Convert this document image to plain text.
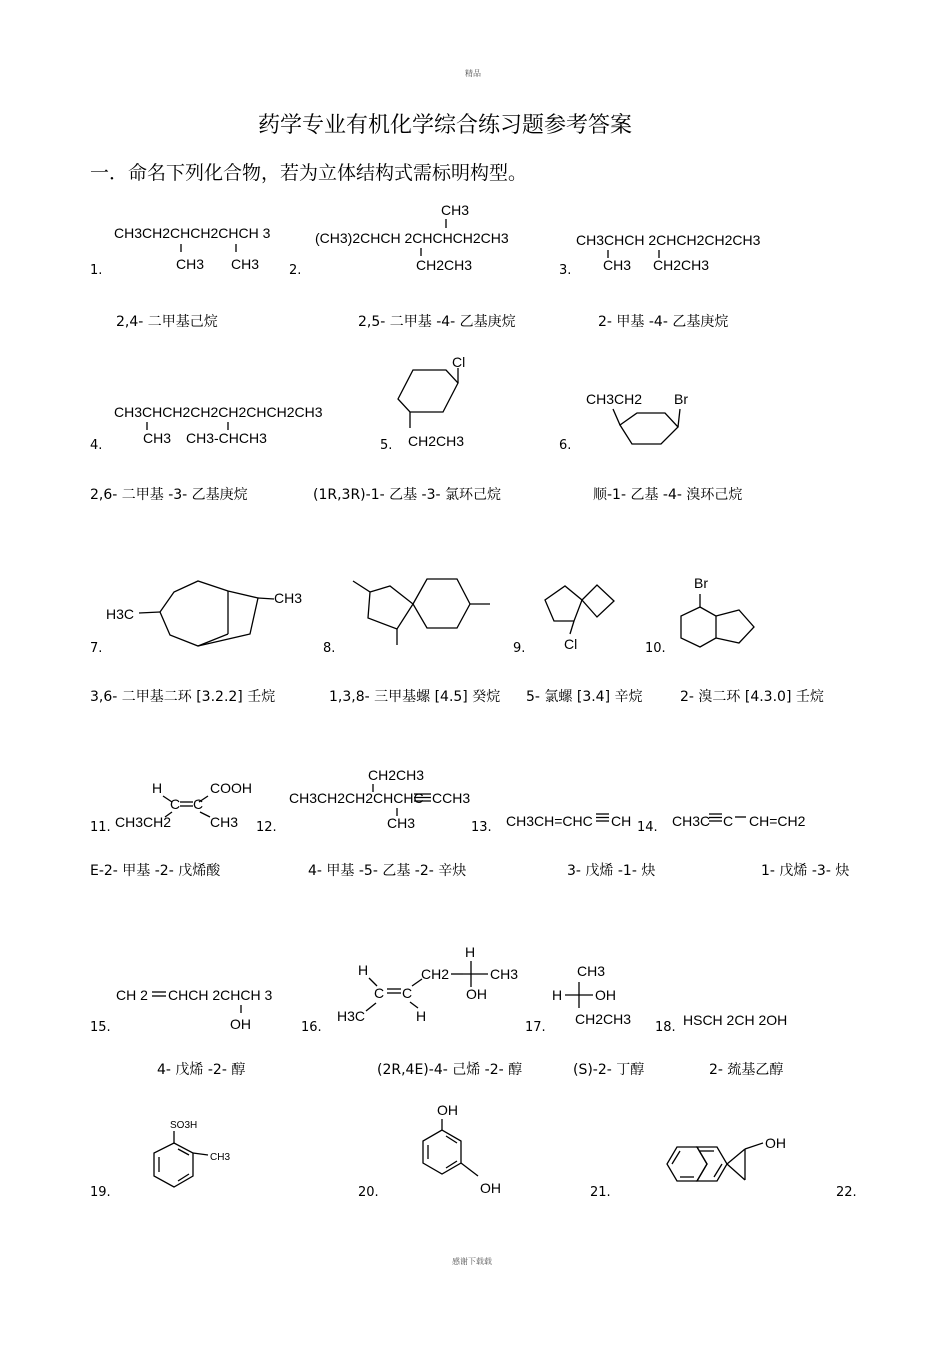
精品
感谢下载载
药学专业有机化学综合练习题参考答案
一．命名下列化合物，若为立体结构式需标明构型。
1.	2.	3.
4.	5.	6.
7.	8.	9.	10.
11.	12.	13.	14.
15.	16.	17.	18.
19.	20.	21.	22.
2,4- 二甲基己烷	2,5- 二甲基 -4- 乙基庚烷	2- 甲基 -4- 乙基庚烷
2,6- 二甲基 -3- 乙基庚烷	(1R,3R)-1- 乙基 -3- 氯环己烷	顺-1- 乙基 -4- 溴环己烷
3,6- 二甲基二环 [3.2.2] 壬烷	1,3,8- 三甲基螺 [4.5] 癸烷 5- 氯螺 [3.4] 辛烷	2- 溴二环 [4.3.0] 壬烷
E-2- 甲基 -2- 戊烯酸	4- 甲基 -5- 乙基 -2- 辛炔	3- 戊烯 -1- 炔	1- 戊烯 -3- 炔
4- 戊烯 -2- 醇	(2R,4E)-4- 己烯 -2- 醇	(S)-2- 丁醇	2- 巯基乙醇
CH3CH2CHCH2CHCH 3
CH3 CH3
CH3
(CH3)2CHCH 2CHCHCH2CH3
CH2CH3
CH3CHCH 2CHCH2CH2CH3
CH3 CH2CH3
CH3CHCH2CH2CH2CHCH2CH3
CH3 CH3-CHCH3
Cl
CH2CH3
CH3CH2 Br
H3C
CH3
Cl
Br
H	COOH
C C
CH3CH2	CH3
CH2CH3
CH3CH2CH2CHCHC CCH3
CH3	CH3CH=CHC CH	CH3C C CH=CH2
CH 2 CHCH 2CHCH 3
OH
H
C C
CH2
H
CH3
OH
H3C	H
CH3
H OH
CH2CH3	HSCH 2CH 2OH
SO3H
CH3
OH
OH
OH
